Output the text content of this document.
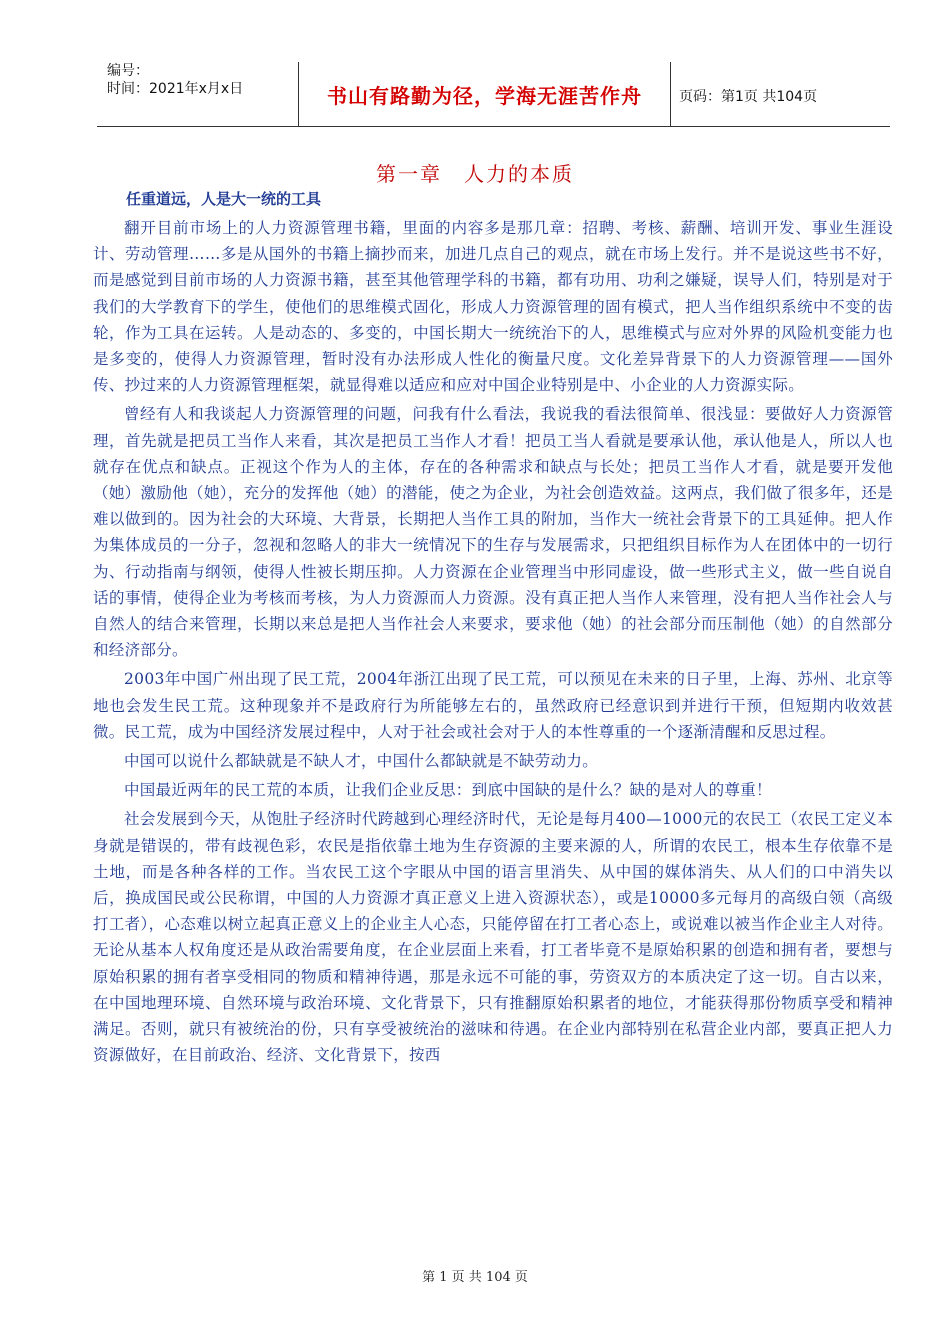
编号：
时间：2021年x月x日	书山有路勤为径，学海无涯苦作舟	页码：第1页 共104页
第一章　人力的本质
任重道远，人是大一统的工具

翻开目前市场上的人力资源管理书籍，里面的内容多是那几章：招聘、考核、薪酬、培训开发、事业生涯设计、劳动管理……多是从国外的书籍上摘抄而来，加进几点自己的观点，就在市场上发行。并不是说这些书不好，而是感觉到目前市场的人力资源书籍，甚至其他管理学科的书籍，都有功用、功利之嫌疑，误导人们，特别是对于我们的大学教育下的学生，使他们的思维模式固化，形成人力资源管理的固有模式，把人当作组织系统中不变的齿轮，作为工具在运转。人是动态的、多变的，中国长期大一统统治下的人，思维模式与应对外界的风险机变能力也是多变的，使得人力资源管理，暂时没有办法形成人性化的衡量尺度。文化差异背景下的人力资源管理——国外传、抄过来的人力资源管理框架，就显得难以适应和应对中国企业特别是中、小企业的人力资源实际。

曾经有人和我谈起人力资源管理的问题，问我有什么看法，我说我的看法很简单、很浅显：要做好人力资源管理，首先就是把员工当作人来看，其次是把员工当作人才看！把员工当人看就是要承认他，承认他是人，所以人也就存在优点和缺点。正视这个作为人的主体，存在的各种需求和缺点与长处；把员工当作人才看，就是要开发他（她）激励他（她），充分的发挥他（她）的潜能，使之为企业，为社会创造效益。这两点，我们做了很多年，还是难以做到的。因为社会的大环境、大背景，长期把人当作工具的附加，当作大一统社会背景下的工具延伸。把人作为集体成员的一分子，忽视和忽略人的非大一统情况下的生存与发展需求，只把组织目标作为人在团体中的一切行为、行动指南与纲领，使得人性被长期压抑。人力资源在企业管理当中形同虚设，做一些形式主义，做一些自说自话的事情，使得企业为考核而考核，为人力资源而人力资源。没有真正把人当作人来管理，没有把人当作社会人与自然人的结合来管理，长期以来总是把人当作社会人来要求，要求他（她）的社会部分而压制他（她）的自然部分和经济部分。

2003年中国广州出现了民工荒，2004年浙江出现了民工荒，可以预见在未来的日子里，上海、苏州、北京等地也会发生民工荒。这种现象并不是政府行为所能够左右的，虽然政府已经意识到并进行干预，但短期内收效甚微。民工荒，成为中国经济发展过程中，人对于社会或社会对于人的本性尊重的一个逐渐清醒和反思过程。

中国可以说什么都缺就是不缺人才，中国什么都缺就是不缺劳动力。

中国最近两年的民工荒的本质，让我们企业反思：到底中国缺的是什么？缺的是对人的尊重！

社会发展到今天，从饱肚子经济时代跨越到心理经济时代，无论是每月400—1000元的农民工（农民工定义本身就是错误的，带有歧视色彩，农民是指依靠土地为生存资源的主要来源的人，所谓的农民工，根本生存依靠不是土地，而是各种各样的工作。当农民工这个字眼从中国的语言里消失、从中国的媒体消失、从人们的口中消失以后，换成国民或公民称谓，中国的人力资源才真正意义上进入资源状态），或是10000多元每月的高级白领（高级打工者），心态难以树立起真正意义上的企业主人心态，只能停留在打工者心态上，或说难以被当作企业主人对待。无论从基本人权角度还是从政治需要角度，在企业层面上来看，打工者毕竟不是原始积累的创造和拥有者，要想与原始积累的拥有者享受相同的物质和精神待遇，那是永远不可能的事，劳资双方的本质决定了这一切。自古以来，在中国地理环境、自然环境与政治环境、文化背景下，只有推翻原始积累者的地位，才能获得那份物质享受和精神满足。否则，就只有被统治的份，只有享受被统治的滋味和待遇。在企业内部特别在私营企业内部，要真正把人力资源做好，在目前政治、经济、文化背景下，按西

第 1 页 共 104 页
